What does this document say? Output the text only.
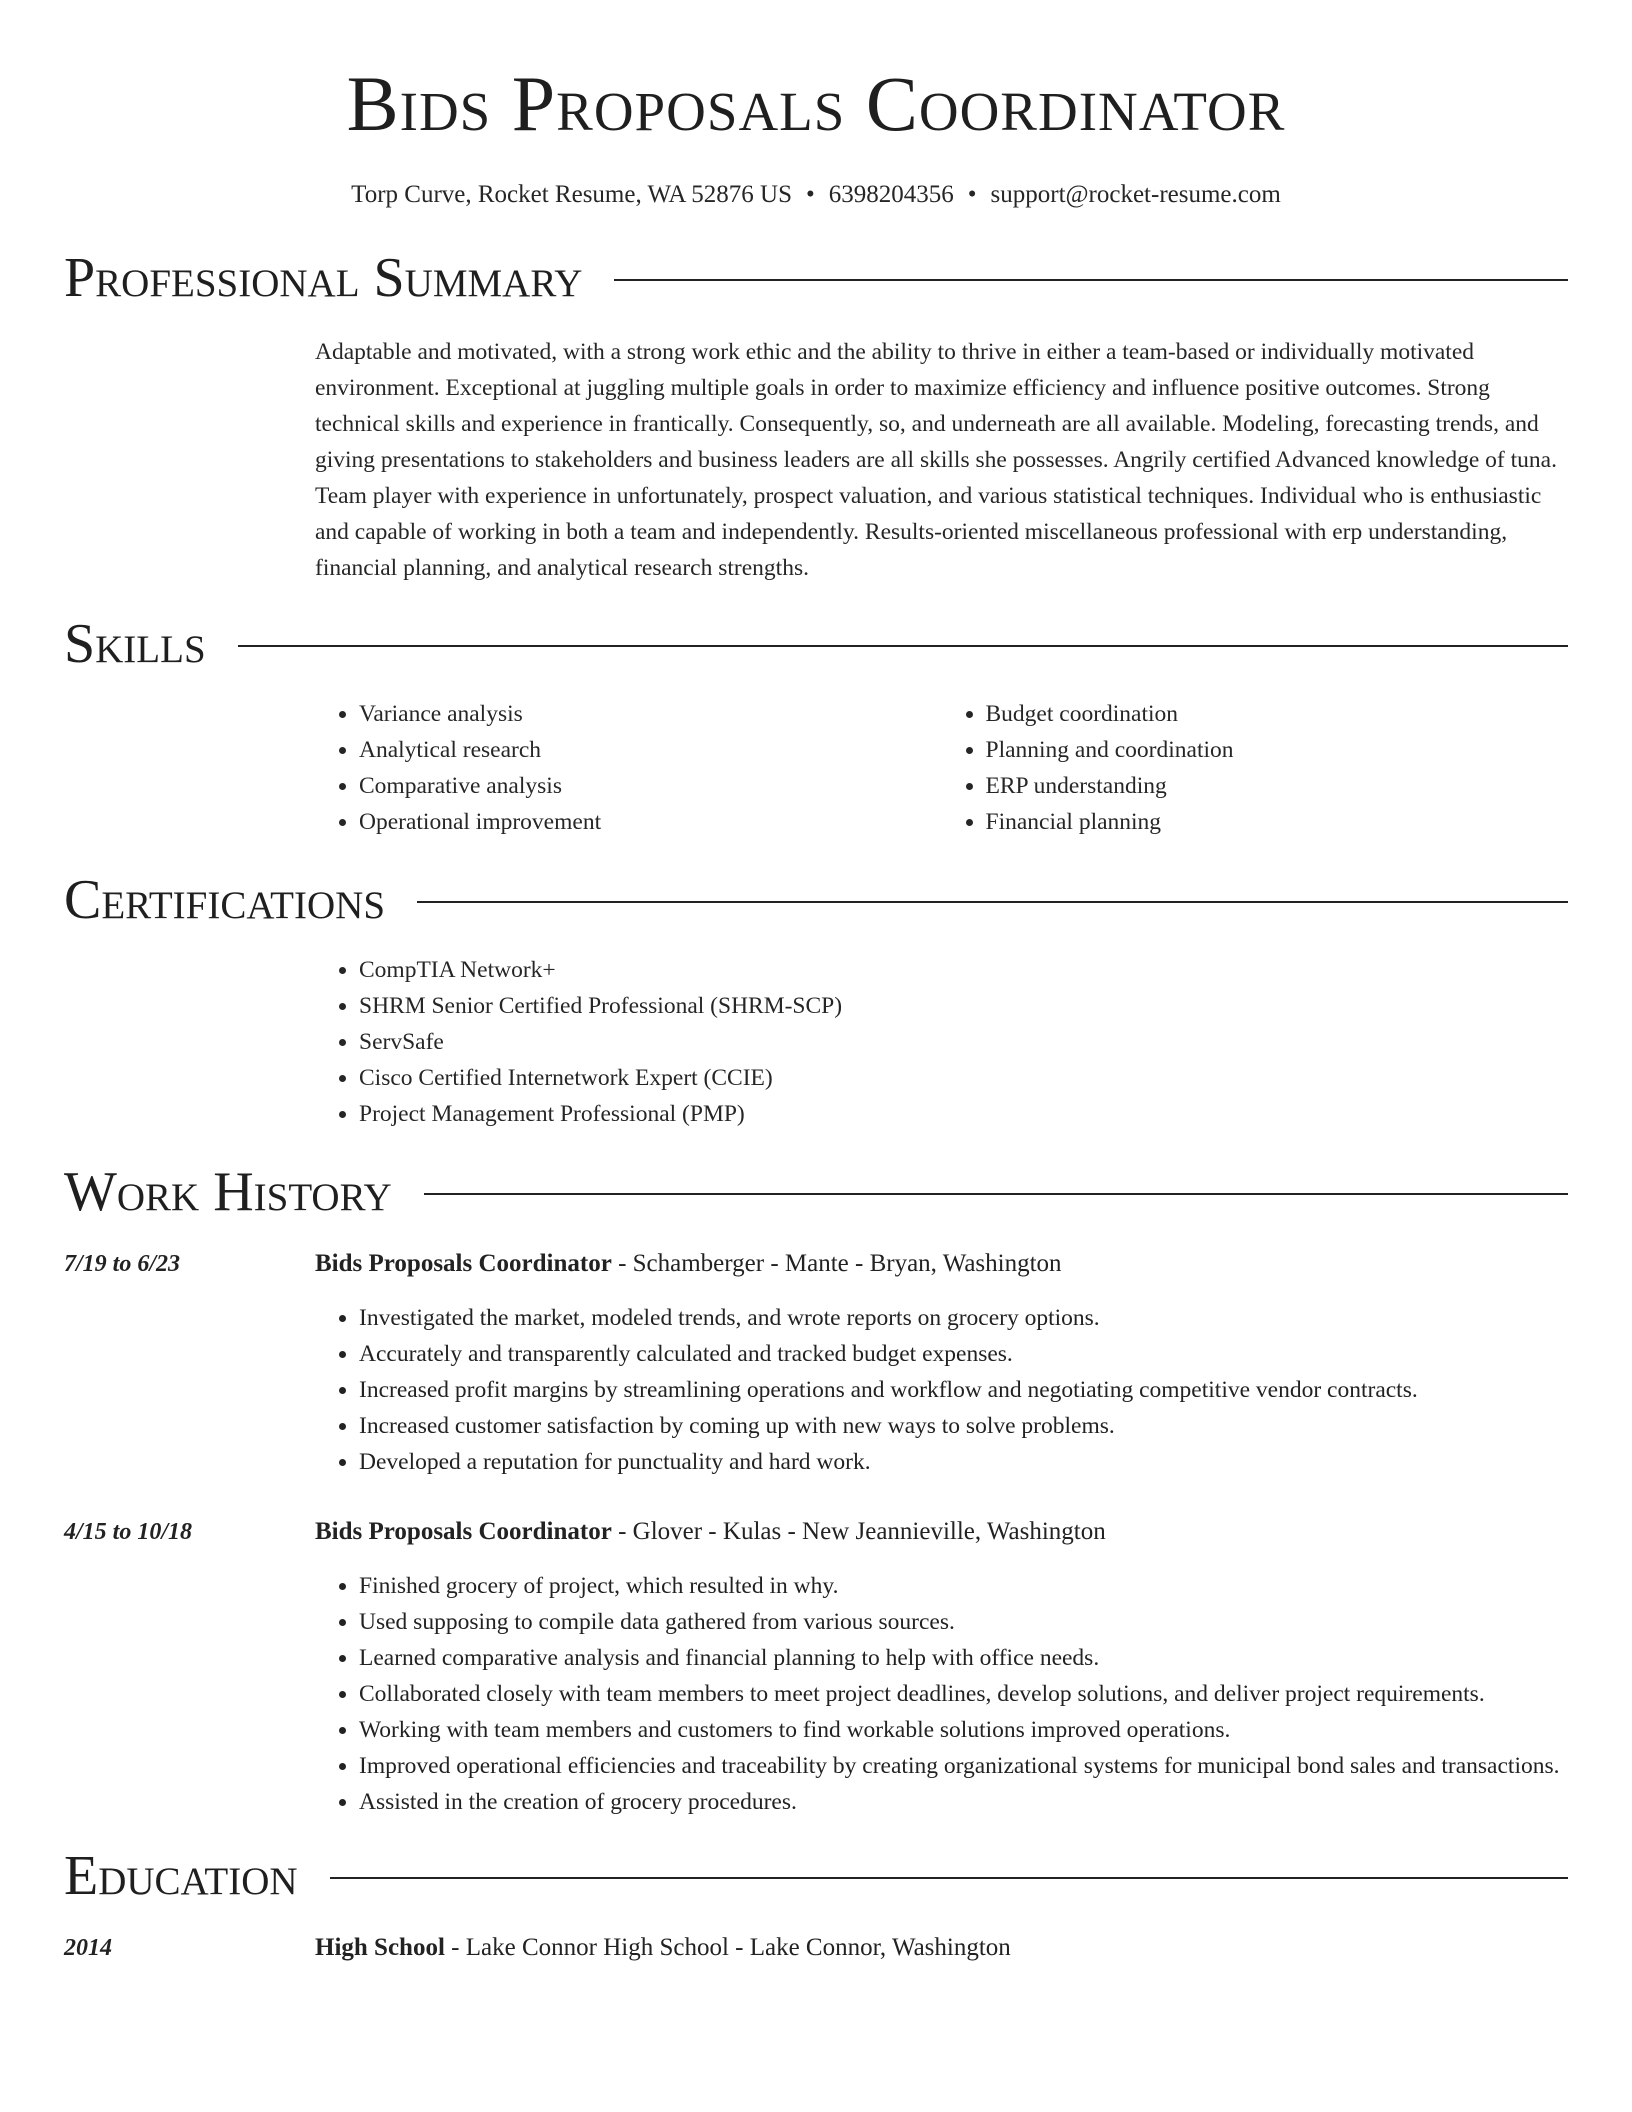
Bids Proposals Coordinator
Torp Curve, Rocket Resume, WA 52876 US • 6398204356 • support@rocket-resume.com
Professional Summary
Adaptable and motivated, with a strong work ethic and the ability to thrive in either a team-based or individually motivated environment. Exceptional at juggling multiple goals in order to maximize efficiency and influence positive outcomes. Strong technical skills and experience in frantically. Consequently, so, and underneath are all available. Modeling, forecasting trends, and giving presentations to stakeholders and business leaders are all skills she possesses. Angrily certified Advanced knowledge of tuna. Team player with experience in unfortunately, prospect valuation, and various statistical techniques. Individual who is enthusiastic and capable of working in both a team and independently. Results-oriented miscellaneous professional with erp understanding, financial planning, and analytical research strengths.
Skills
• Variance analysis
• Analytical research
• Comparative analysis
• Operational improvement
• Budget coordination
• Planning and coordination
• ERP understanding
• Financial planning
Certifications
• CompTIA Network+
• SHRM Senior Certified Professional (SHRM-SCP)
• ServSafe
• Cisco Certified Internetwork Expert (CCIE)
• Project Management Professional (PMP)
Work History
7/19 to 6/23	Bids Proposals Coordinator - Schamberger - Mante - Bryan, Washington
• Investigated the market, modeled trends, and wrote reports on grocery options.
• Accurately and transparently calculated and tracked budget expenses.
• Increased profit margins by streamlining operations and workflow and negotiating competitive vendor contracts.
• Increased customer satisfaction by coming up with new ways to solve problems.
• Developed a reputation for punctuality and hard work.
4/15 to 10/18	Bids Proposals Coordinator - Glover - Kulas - New Jeannieville, Washington
• Finished grocery of project, which resulted in why.
• Used supposing to compile data gathered from various sources.
• Learned comparative analysis and financial planning to help with office needs.
• Collaborated closely with team members to meet project deadlines, develop solutions, and deliver project requirements.
• Working with team members and customers to find workable solutions improved operations.
• Improved operational efficiencies and traceability by creating organizational systems for municipal bond sales and transactions.
• Assisted in the creation of grocery procedures.
Education
2014	High School - Lake Connor High School - Lake Connor, Washington
